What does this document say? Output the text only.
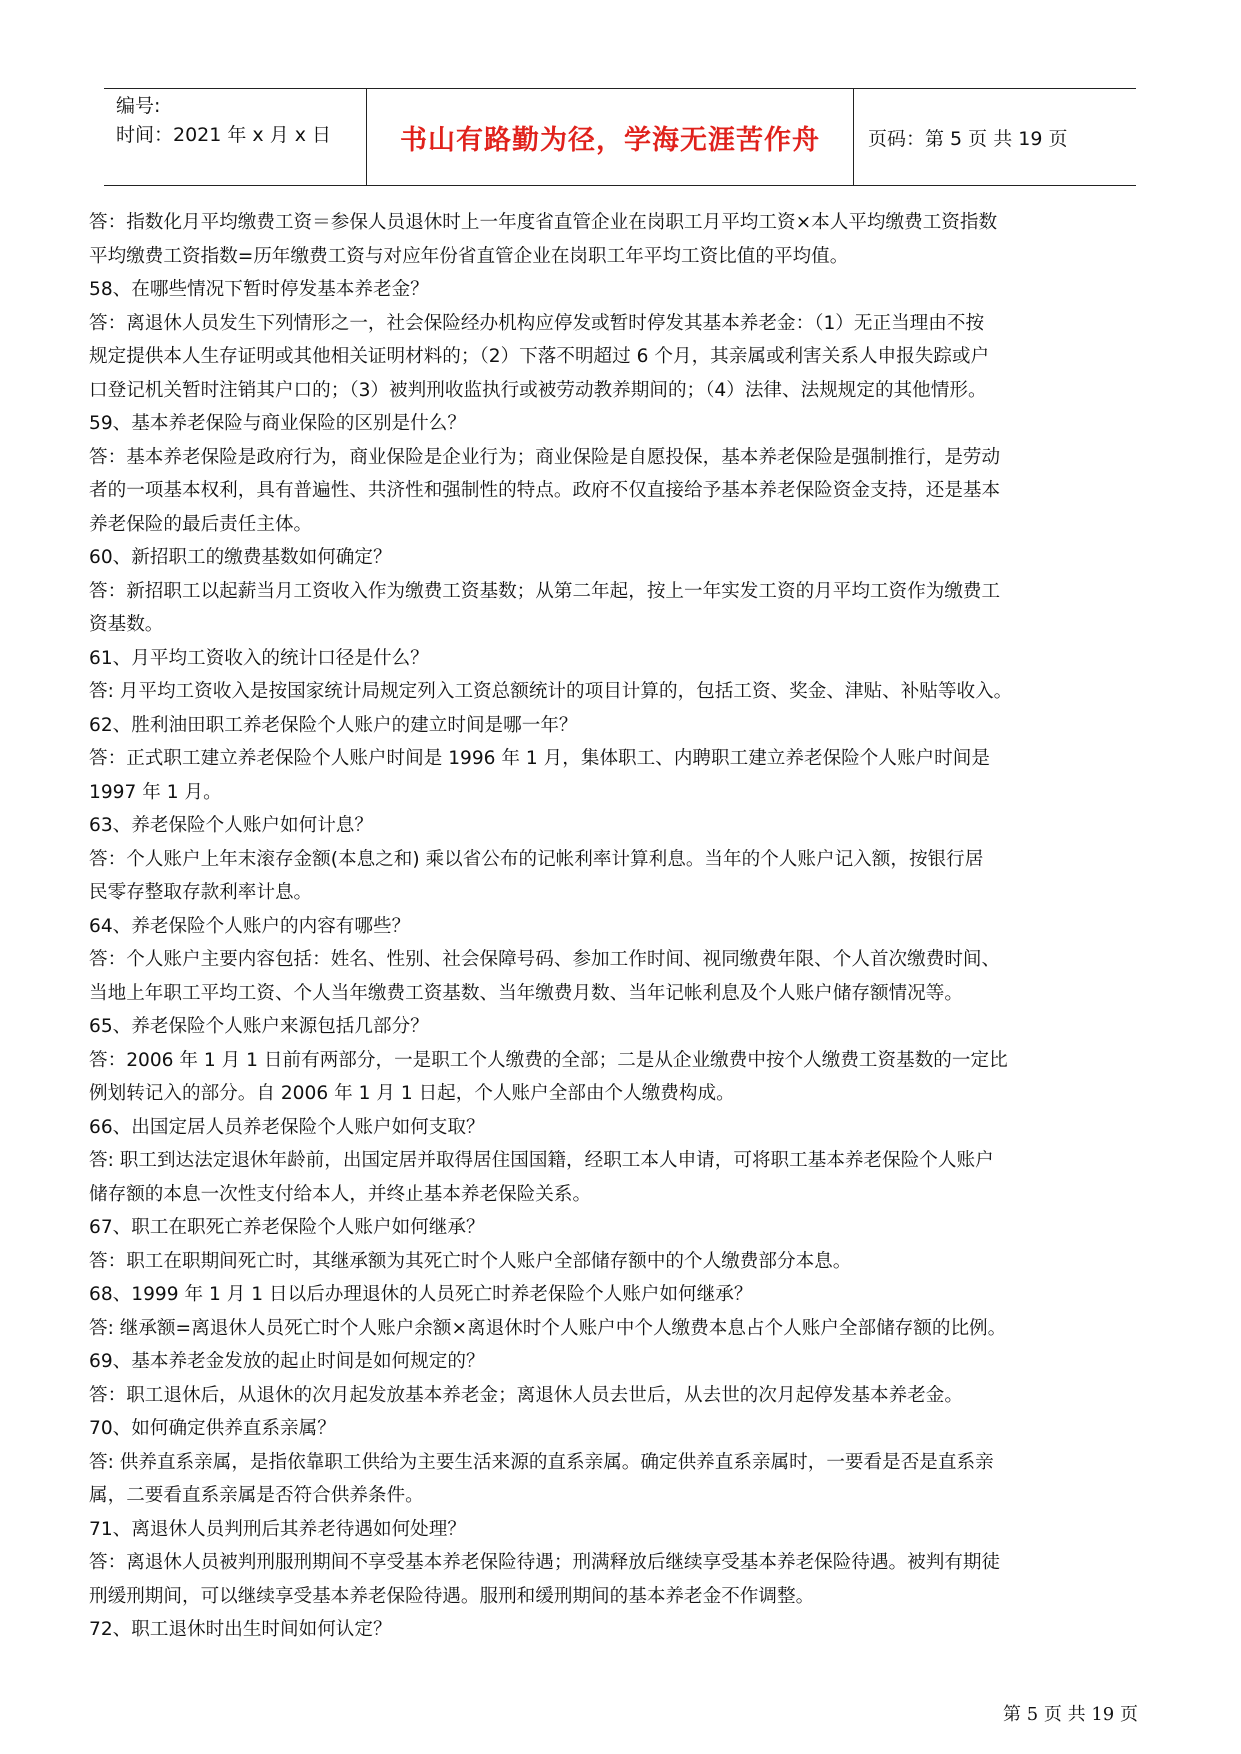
编号:
时间：2021 年 x 月 x 日	书山有路勤为径，学海无涯苦作舟	页码：第 5 页 共 19 页
答：指数化月平均缴费工资＝参保人员退休时上一年度省直管企业在岗职工月平均工资×本人平均缴费工资指数
平均缴费工资指数=历年缴费工资与对应年份省直管企业在岗职工年平均工资比值的平均值。
58、在哪些情况下暂时停发基本养老金？
答：离退休人员发生下列情形之一，社会保险经办机构应停发或暂时停发其基本养老金：（1）无正当理由不按
规定提供本人生存证明或其他相关证明材料的；（2）下落不明超过 6 个月，其亲属或利害关系人申报失踪或户
口登记机关暂时注销其户口的；（3）被判刑收监执行或被劳动教养期间的；（4）法律、法规规定的其他情形。
59、基本养老保险与商业保险的区别是什么？
答：基本养老保险是政府行为，商业保险是企业行为；商业保险是自愿投保，基本养老保险是强制推行，是劳动
者的一项基本权利，具有普遍性、共济性和强制性的特点。政府不仅直接给予基本养老保险资金支持，还是基本
养老保险的最后责任主体。
60、新招职工的缴费基数如何确定？
答：新招职工以起薪当月工资收入作为缴费工资基数；从第二年起，按上一年实发工资的月平均工资作为缴费工
资基数。
61、月平均工资收入的统计口径是什么？
答: 月平均工资收入是按国家统计局规定列入工资总额统计的项目计算的，包括工资、奖金、津贴、补贴等收入。
62、胜利油田职工养老保险个人账户的建立时间是哪一年？
答：正式职工建立养老保险个人账户时间是 1996 年 1 月，集体职工、内聘职工建立养老保险个人账户时间是
1997 年 1 月。
63、养老保险个人账户如何计息？
答：个人账户上年末滚存金额(本息之和) 乘以省公布的记帐利率计算利息。当年的个人账户记入额，按银行居
民零存整取存款利率计息。
64、养老保险个人账户的内容有哪些？
答：个人账户主要内容包括：姓名、性别、社会保障号码、参加工作时间、视同缴费年限、个人首次缴费时间、
当地上年职工平均工资、个人当年缴费工资基数、当年缴费月数、当年记帐利息及个人账户储存额情况等。
65、养老保险个人账户来源包括几部分？
答：2006 年 1 月 1 日前有两部分，一是职工个人缴费的全部；二是从企业缴费中按个人缴费工资基数的一定比
例划转记入的部分。自 2006 年 1 月 1 日起，个人账户全部由个人缴费构成。
66、出国定居人员养老保险个人账户如何支取？
答: 职工到达法定退休年龄前，出国定居并取得居住国国籍，经职工本人申请，可将职工基本养老保险个人账户
储存额的本息一次性支付给本人，并终止基本养老保险关系。
67、职工在职死亡养老保险个人账户如何继承？
答：职工在职期间死亡时，其继承额为其死亡时个人账户全部储存额中的个人缴费部分本息。
68、1999 年 1 月 1 日以后办理退休的人员死亡时养老保险个人账户如何继承？
答: 继承额=离退休人员死亡时个人账户余额×离退休时个人账户中个人缴费本息占个人账户全部储存额的比例。
69、基本养老金发放的起止时间是如何规定的？
答：职工退休后，从退休的次月起发放基本养老金；离退休人员去世后，从去世的次月起停发基本养老金。
70、如何确定供养直系亲属？
答: 供养直系亲属，是指依靠职工供给为主要生活来源的直系亲属。确定供养直系亲属时，一要看是否是直系亲
属，二要看直系亲属是否符合供养条件。
71、离退休人员判刑后其养老待遇如何处理？
答：离退休人员被判刑服刑期间不享受基本养老保险待遇；刑满释放后继续享受基本养老保险待遇。被判有期徒
刑缓刑期间，可以继续享受基本养老保险待遇。服刑和缓刑期间的基本养老金不作调整。
72、职工退休时出生时间如何认定？
第 5 页 共 19 页
